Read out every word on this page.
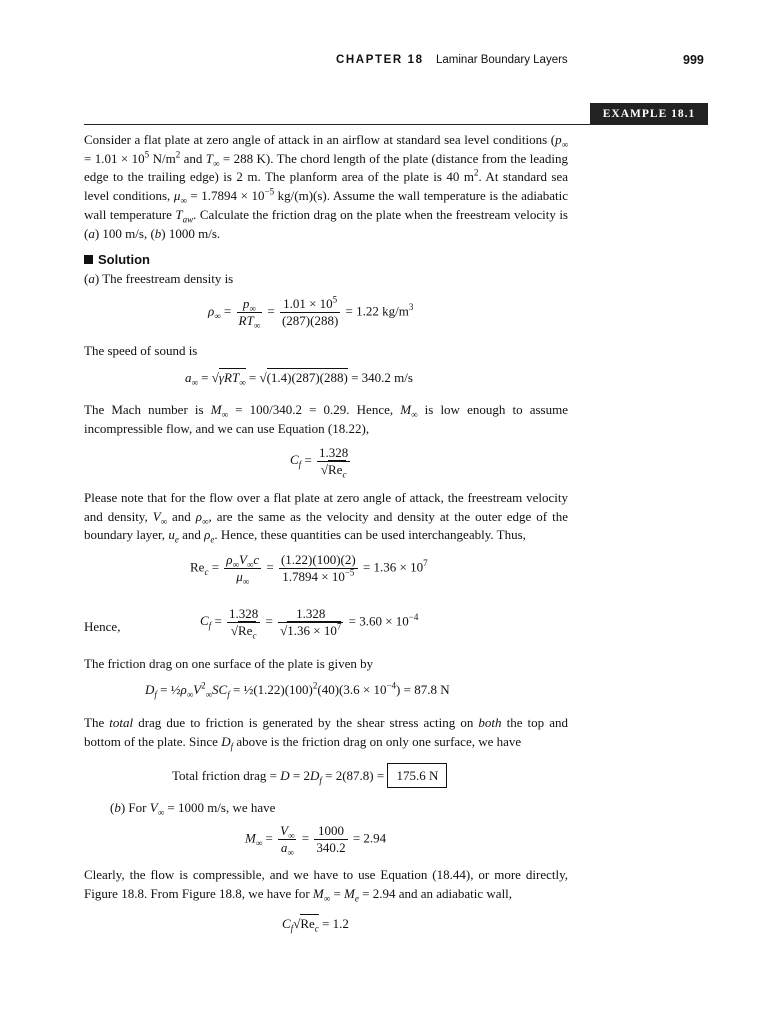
CHAPTER 18 Laminar Boundary Layers	999
EXAMPLE 18.1
Consider a flat plate at zero angle of attack in an airflow at standard sea level conditions ($p_\infty = 1.01 \times 10^5$ $N/m^2$ and $T_\infty = 288$ K). The chord length of the plate (distance from the leading edge to the trailing edge) is 2 m. The planform area of the plate is 40 $m^2$. At standard sea level conditions, $\mu_\infty = 1.7894 \times 10^{-5}$ kg/(m)(s). Assume the wall temperature is the adiabatic wall temperature $T_{aw}$. Calculate the friction drag on the plate when the freestream velocity is (a) 100 m/s, (b) 1000 m/s.
Solution
(a) The freestream density is
$\rho_\infty = \frac{p_\infty}{RT_\infty} = \frac{1.01 \times 10^5}{(287)(288)} = 1.22$ $kg/m^3$
The speed of sound is
$a_\infty = √\gamma RT_\infty = √(1.4)(287)(288) = 340.2$ m/s
The Mach number is $M_\infty = 100/340.2 = 0.29$. Hence, $M_\infty$ is low enough to assume incompressible flow, and we can use Equation (18.22),
$C_f = \frac{1.328}{√Re_c}$
Please note that for the flow over a flat plate at zero angle of attack, the freestream velocity and density, $V_\infty$ and $\rho_\infty$, are the same as the velocity and density at the outer edge of the boundary layer, $u_e$ and $\rho_e$. Hence, these quantities can be used interchangeably. Thus,
$Re_c = \frac{\rho_\infty V_\infty c}{\mu_\infty} = \frac{(1.22)(100)(2)}{1.7894 \times 10^{-5}} = 1.36 \times 10^7$
Hence,	$C_f = \frac{1.328}{√Re_c} = \frac{1.328}{√1.36 \times 10^7} = 3.60 \times 10^{-4}$
The friction drag on one surface of the plate is given by
$D_f$ = $\frac{1}{2}\rho_\infty V^2_\infty SC_f$ = $\frac{1}{2}(1.22)(100)^2(40)(3.6 \times 10^{-4}) = 87.8$ N
The total drag due to friction is generated by the shear stress acting on both the top and bottom of the plate. Since $D_f$ above is the friction drag on only one surface, we have
Total friction drag = $D = 2D_f = 2(87.8) = 175.6$ N
(b) For $V_\infty = 1000$ m/s, we have
$M_\infty = \frac{V_\infty}{a_\infty} = \frac{1000}{340.2} = 2.94$
Clearly, the flow is compressible, and we have to use Equation (18.44), or more directly, Figure 18.8. From Figure 18.8, we have for $M_\infty = M_e = 2.94$ and an adiabatic wall,
$C_f√Re_c = 1.2$
